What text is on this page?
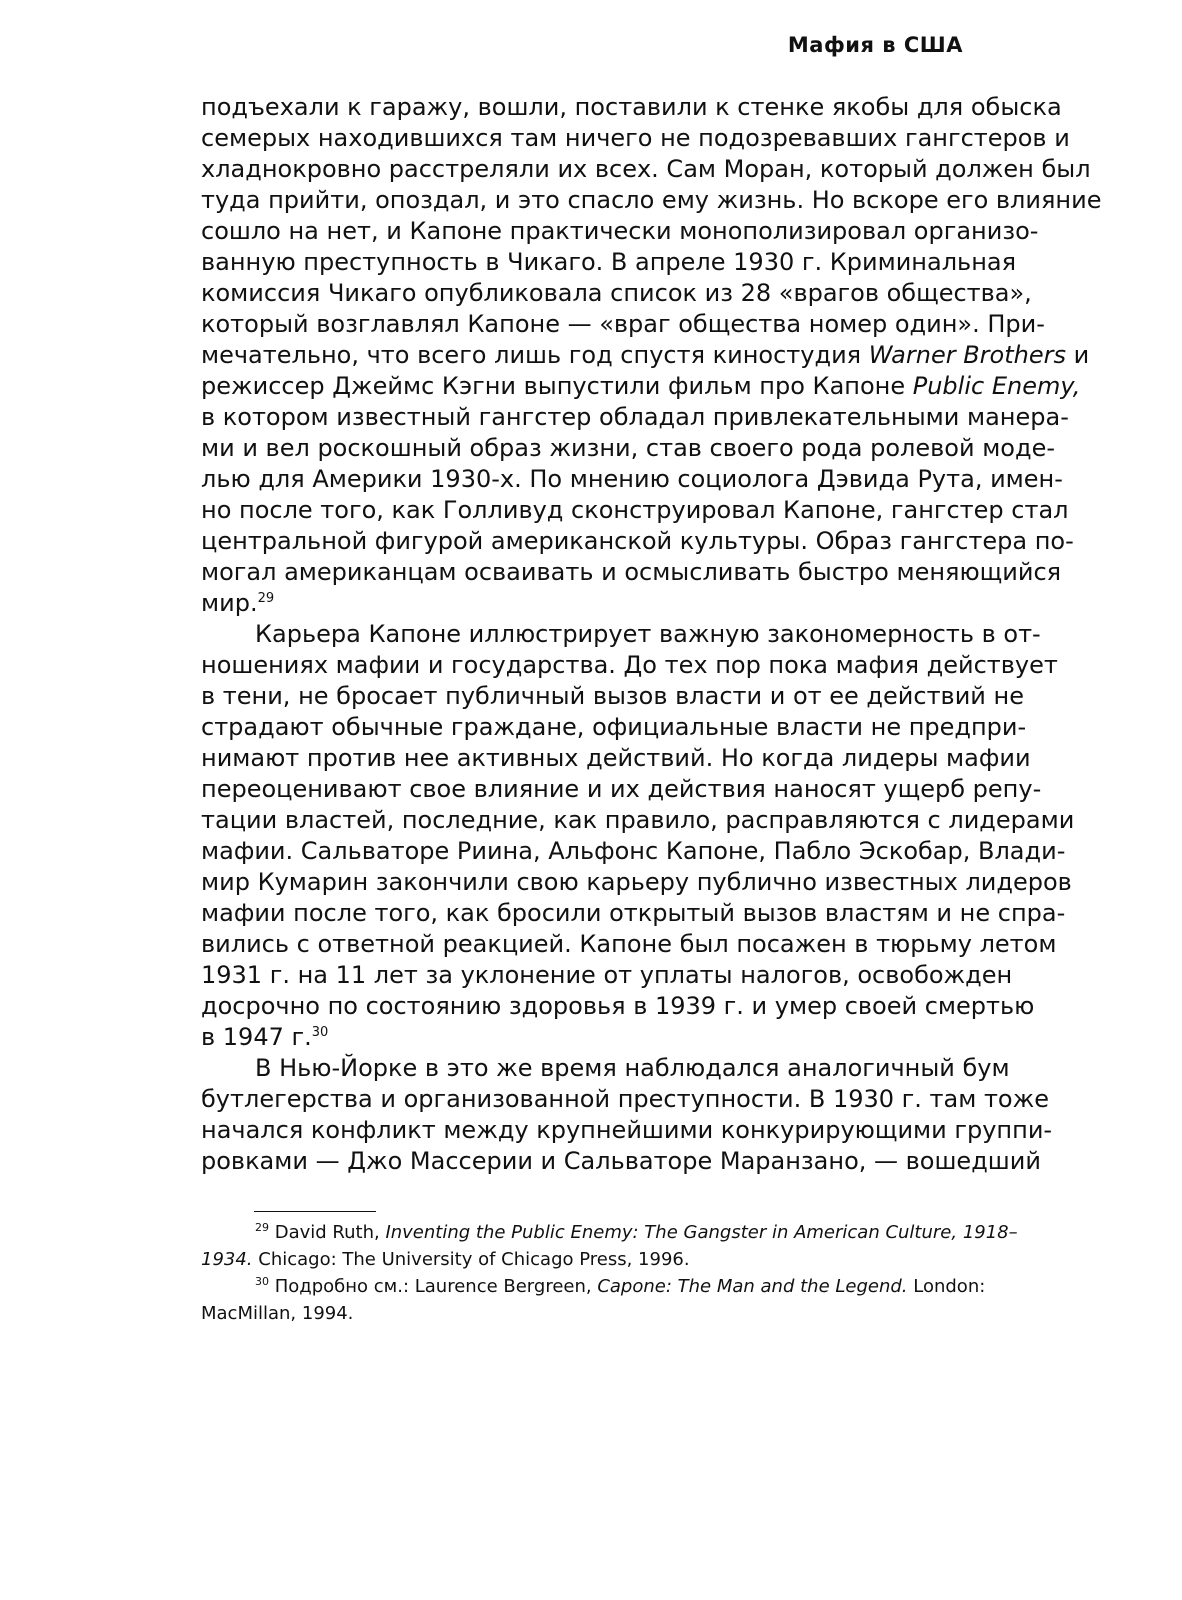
Мафия в США
подъехали к гаражу, вошли, поставили к стенке якобы для обыска
семерых находившихся там ничего не подозревавших гангстеров и
хладнокровно расстреляли их всех. Сам Моран, который должен был
туда прийти, опоздал, и это спасло ему жизнь. Но вскоре его влияние
сошло на нет, и Капоне практически монополизировал организо-
ванную преступность в Чикаго. В апреле 1930 г. Криминальная
комиссия Чикаго опубликовала список из 28 «врагов общества»,
который возглавлял Капоне — «враг общества номер один». При-
мечательно, что всего лишь год спустя киностудия Warner Brothers и
режиссер Джеймс Кэгни выпустили фильм про Капоне Public Enemy,
в котором известный гангстер обладал привлекательными манера-
ми и вел роскошный образ жизни, став своего рода ролевой моде-
лью для Америки 1930-х. По мнению социолога Дэвида Рута, имен-
но после того, как Голливуд сконструировал Капоне, гангстер стал
центральной фигурой американской культуры. Образ гангстера по-
могал американцам осваивать и осмысливать быстро меняющийся
мир.$^{29}$
Карьера Капоне иллюстрирует важную закономерность в от-
ношениях мафии и государства. До тех пор пока мафия действует
в тени, не бросает публичный вызов власти и от ее действий не
страдают обычные граждане, официальные власти не предпри-
нимают против нее активных действий. Но когда лидеры мафии
переоценивают свое влияние и их действия наносят ущерб репу-
тации властей, последние, как правило, расправляются с лидерами
мафии. Сальваторе Риина, Альфонс Капоне, Пабло Эскобар, Влади-
мир Кумарин закончили свою карьеру публично известных лидеров
мафии после того, как бросили открытый вызов властям и не спра-
вились с ответной реакцией. Капоне был посажен в тюрьму летом
1931 г. на 11 лет за уклонение от уплаты налогов, освобожден
досрочно по состоянию здоровья в 1939 г. и умер своей смертью
в 1947 г.$^{30}$
В Нью-Йорке в это же время наблюдался аналогичный бум
бутлегерства и организованной преступности. В 1930 г. там тоже
начался конфликт между крупнейшими конкурирующими группи-
ровками — Джо Массерии и Сальваторе Маранзано, — вошедший
$^{29}$ David Ruth, Inventing the Public Enemy: The Gangster in American Culture, 1918–
1934. Chicago: The University of Chicago Press, 1996.
$^{30}$ Подробно см.: Laurence Bergreen, Capone: The Man and the Legend. London:
MacMillan, 1994.
